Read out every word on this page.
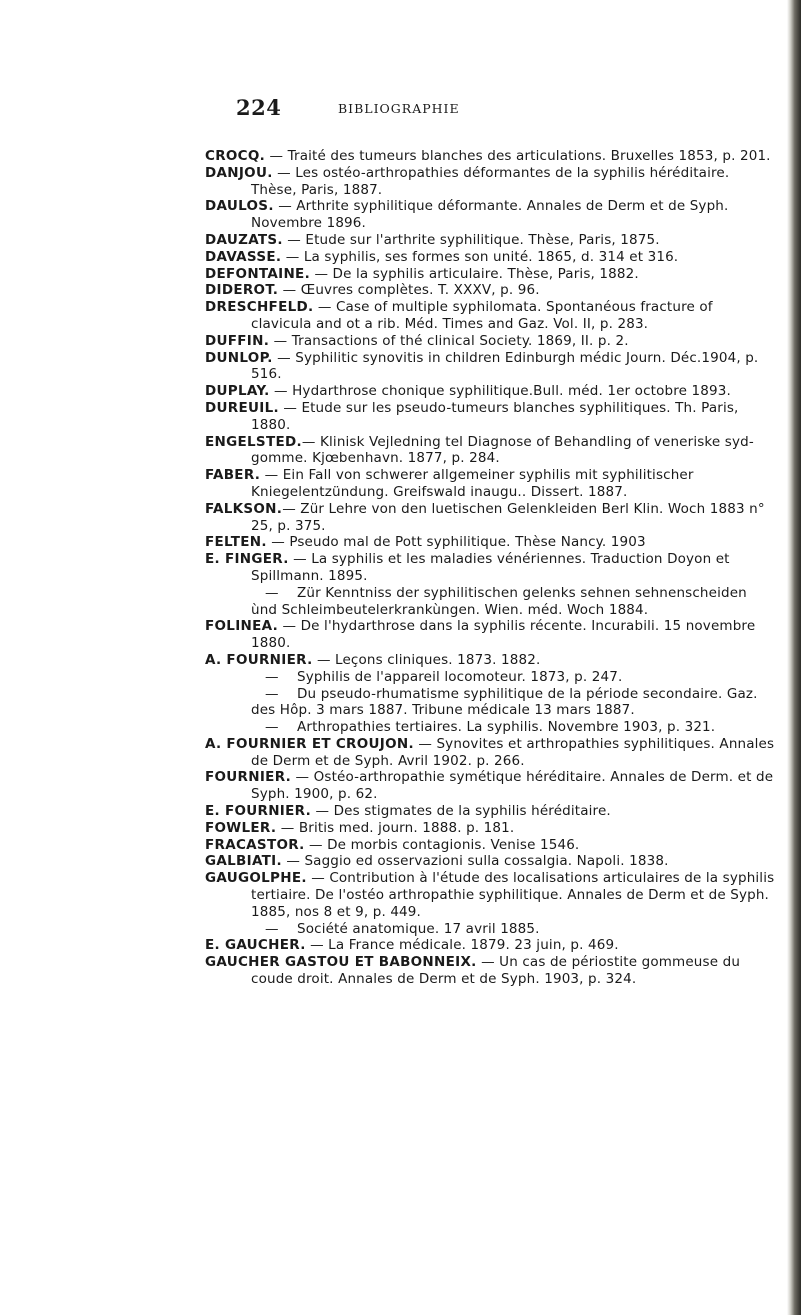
224	BIBLIOGRAPHIE

CROCQ. — Traité des tumeurs blanches des articulations. Bruxelles 1853, p. 201.

DANJOU. — Les ostéo-arthropathies déformantes de la syphilis héréditaire. Thèse, Paris, 1887.

DAULOS. — Arthrite syphilitique déformante. Annales de Derm et de Syph. Novembre 1896.

DAUZATS. — Etude sur l'arthrite syphilitique. Thèse, Paris, 1875.

DAVASSE. — La syphilis, ses formes son unité. 1865, d. 314 et 316.

DEFONTAINE. — De la syphilis articulaire. Thèse, Paris, 1882.

DIDEROT. — Œuvres complètes. T. XXXV, p. 96.

DRESCHFELD. — Case of multiple syphilomata. Spontanéous fracture of clavicula and ot a rib. Méd. Times and Gaz. Vol. II, p. 283.

DUFFIN. — Transactions of thé clinical Society. 1869, II. p. 2.

DUNLOP. — Syphilitic synovitis in children Edinburgh médic Journ. Déc.1904, p. 516.

DUPLAY. — Hydarthrose chonique syphilitique.Bull. méd. 1er octobre 1893.

DUREUIL. — Etude sur les pseudo-tumeurs blanches syphilitiques. Th. Paris, 1880.

ENGELSTED.— Klinisk Vejledning tel Diagnose of Behandling of veneriske syd-gomme. Kjœbenhavn. 1877, p. 284.

FABER. — Ein Fall von schwerer allgemeiner syphilis mit syphilitischer Kniegelentzündung. Greifswald inaugu.. Dissert. 1887.

FALKSON.— Zür Lehre von den luetischen Gelenkleiden Berl Klin. Woch 1883 n° 25, p. 375.

FELTEN. — Pseudo mal de Pott syphilitique. Thèse Nancy. 1903

E. FINGER. — La syphilis et les maladies vénériennes. Traduction Doyon et Spillmann. 1895.

— Zür Kenntniss der syphilitischen gelenks sehnen sehnenscheiden ùnd Schleimbeutelerkrankùngen. Wien. méd. Woch 1884.

FOLINEA. — De l'hydarthrose dans la syphilis récente. Incurabili. 15 novembre 1880.

A. FOURNIER. — Leçons cliniques. 1873. 1882.

— Syphilis de l'appareil locomoteur. 1873, p. 247.

— Du pseudo-rhumatisme syphilitique de la période secondaire. Gaz. des Hôp. 3 mars 1887. Tribune médicale 13 mars 1887.

— Arthropathies tertiaires. La syphilis. Novembre 1903, p. 321.

A. FOURNIER ET CROUJON. — Synovites et arthropathies syphilitiques. Annales de Derm et de Syph. Avril 1902. p. 266.

FOURNIER. — Ostéo-arthropathie symétique héréditaire. Annales de Derm. et de Syph. 1900, p. 62.

E. FOURNIER. — Des stigmates de la syphilis héréditaire.

FOWLER. — Britis med. journ. 1888. p. 181.

FRACASTOR. — De morbis contagionis. Venise 1546.

GALBIATI. — Saggio ed osservazioni sulla cossalgia. Napoli. 1838.

GAUGOLPHE. — Contribution à l'étude des localisations articulaires de la syphilis tertiaire. De l'ostéo arthropathie syphilitique. Annales de Derm et de Syph. 1885, nos 8 et 9, p. 449.

— Société anatomique. 17 avril 1885.

E. GAUCHER. — La France médicale. 1879. 23 juin, p. 469.

GAUCHER GASTOU ET BABONNEIX. — Un cas de périostite gommeuse du coude droit. Annales de Derm et de Syph. 1903, p. 324.
